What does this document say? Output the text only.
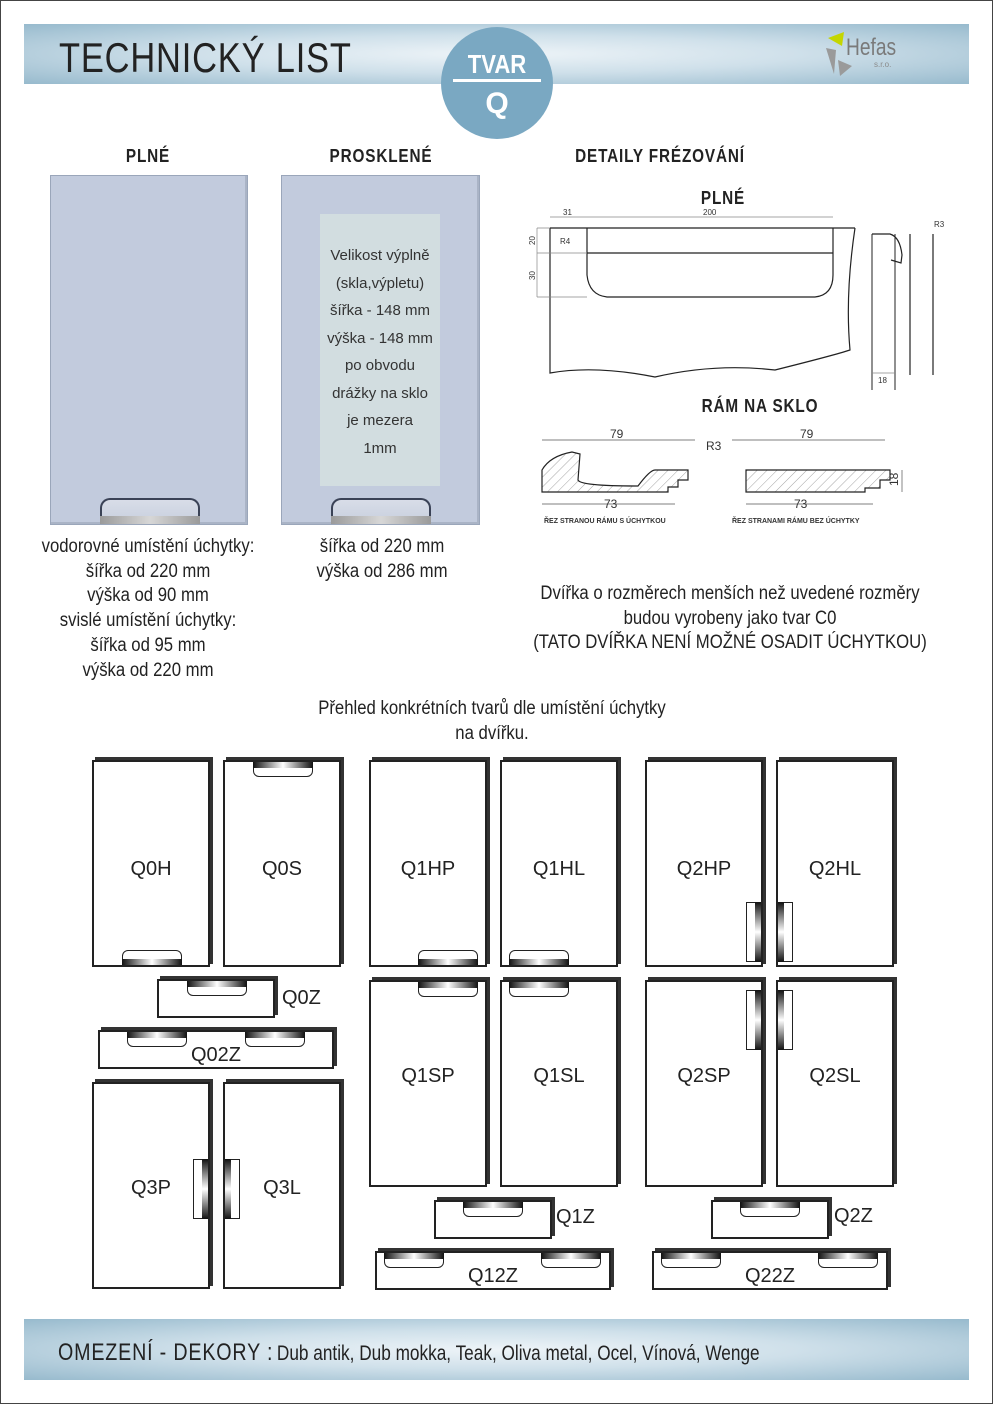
TECHNICKÝ LIST	TVAR
Q
Hefas
s.r.o.
PLNÉ	PROSKLENÉ	DETAILY FRÉZOVÁNÍ
Velikost výplně
(skla,výpletu)
šířka - 148 mm
výška - 148 mm
po obvodu
drážky na sklo
je mezera
1mm
vodorovné umístění úchytky:
šířka od 220 mm
výška od 90 mm
svislé umístění úchytky:
šířka od 95 mm
výška od 220 mm
šířka od 220 mm
výška od 286 mm
PLNÉ
31	200
R4
20
30
R3
18
RÁM NA SKLO
79
73
79
73
R3
18
ŘEZ STRANOU RÁMU S ÚCHYTKOU	ŘEZ STRANAMI RÁMU BEZ ÚCHYTKY
Dvířka o rozměrech menších než uvedené rozměry
budou vyrobeny jako tvar C0
(TATO DVÍŘKA NENÍ MOŽNÉ OSADIT ÚCHYTKOU)
Přehled konkrétních tvarů dle umístění úchytky
na dvířku.
Q0H	Q0S
Q0Z
Q02Z
Q3P	Q3L
Q1HP	Q1HL
Q1SP	Q1SL
Q1Z
Q12Z
Q2HP	Q2HL
Q2SP	Q2SL
Q2Z
Q22Z
OMEZENÍ - DEKORY : Dub antik, Dub mokka, Teak, Oliva metal, Ocel, Vínová, Wenge
